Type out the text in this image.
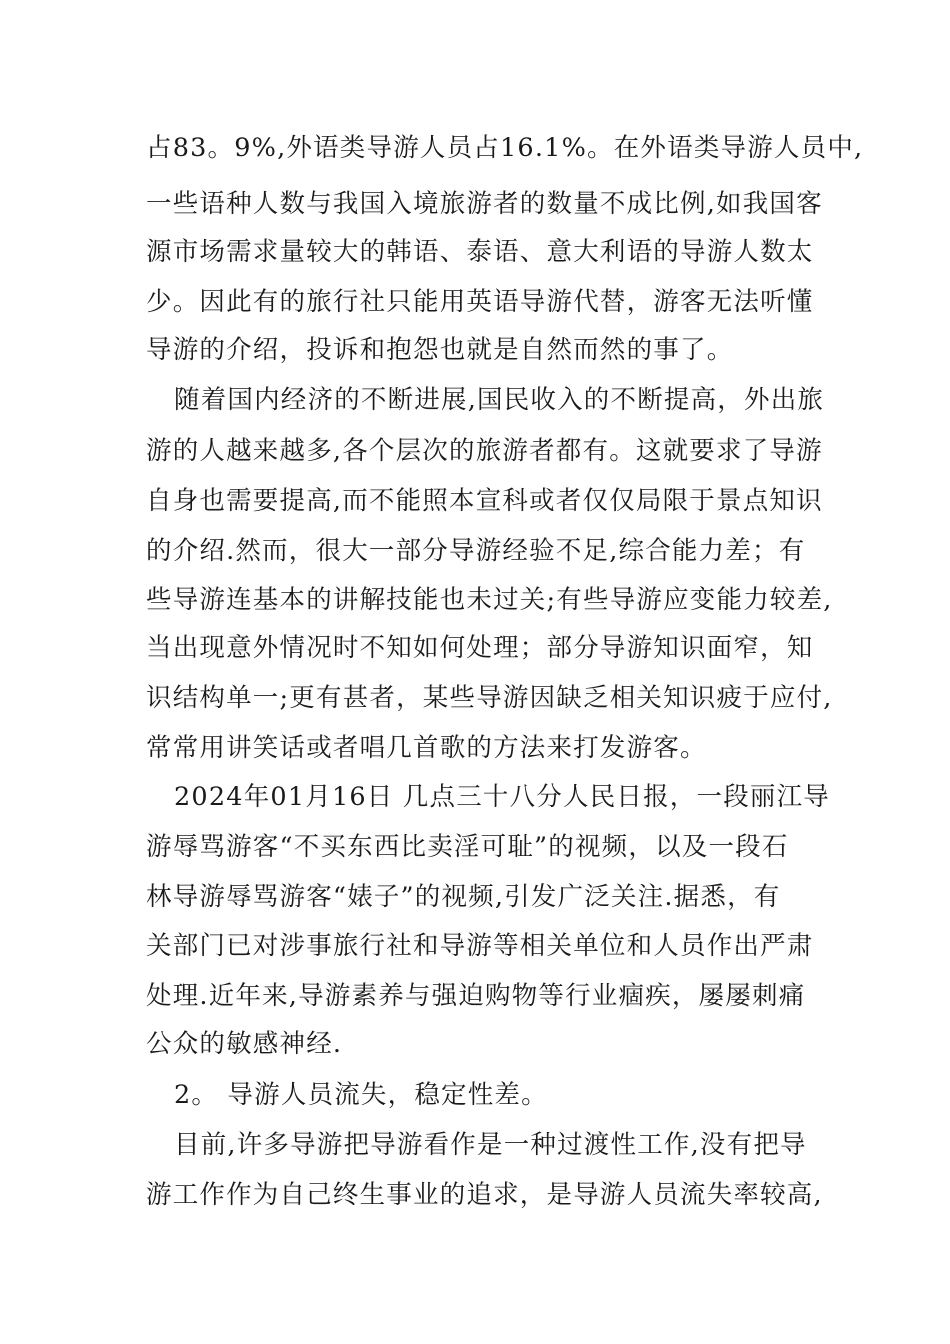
占83。9%,外语类导游人员占16.1%。在外语类导游人员中,
一些语种人数与我国入境旅游者的数量不成比例,如我国客
源市场需求量较大的韩语、泰语、意大利语的导游人数太
少。因此有的旅行社只能用英语导游代替，游客无法听懂
导游的介绍，投诉和抱怨也就是自然而然的事了。
随着国内经济的不断进展,国民收入的不断提高，外出旅
游的人越来越多,各个层次的旅游者都有。这就要求了导游
自身也需要提高,而不能照本宣科或者仅仅局限于景点知识
的介绍.然而，很大一部分导游经验不足,综合能力差；有
些导游连基本的讲解技能也未过关;有些导游应变能力较差,
当出现意外情况时不知如何处理；部分导游知识面窄，知
识结构单一;更有甚者，某些导游因缺乏相关知识疲于应付,
常常用讲笑话或者唱几首歌的方法来打发游客。
2024年01月16日 几点三十八分人民日报，一段丽江导
游辱骂游客“不买东西比卖淫可耻”的视频，以及一段石
林导游辱骂游客“婊子”的视频,引发广泛关注.据悉，有
关部门已对涉事旅行社和导游等相关单位和人员作出严肃
处理.近年来,导游素养与强迫购物等行业痼疾，屡屡刺痛
公众的敏感神经.
2。 导游人员流失，稳定性差。
目前,许多导游把导游看作是一种过渡性工作,没有把导
游工作作为自己终生事业的追求，是导游人员流失率较高,
